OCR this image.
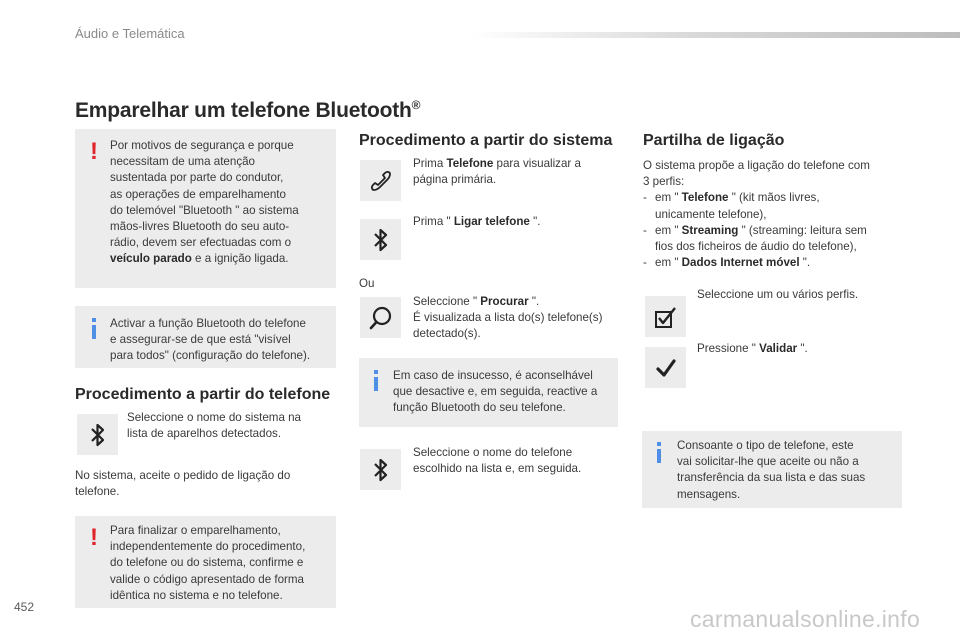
Áudio e Telemática
Emparelhar um telefone Bluetooth®
! Por motivos de segurança e porque
necessitam de uma atenção
sustentada por parte do condutor,
as operações de emparelhamento
do telemóvel "Bluetooth " ao sistema
mãos-livres Bluetooth do seu auto-
rádio, devem ser efectuadas com o
veículo parado e a ignição ligada.
Activar a função Bluetooth do telefone
e assegurar-se de que está "visível
para todos" (configuração do telefone).
Procedimento a partir do telefone
Seleccione o nome do sistema na
lista de aparelhos detectados.
No sistema, aceite o pedido de ligação do
telefone.
! Para finalizar o emparelhamento,
independentemente do procedimento,
do telefone ou do sistema, confirme e
valide o código apresentado de forma
idêntica no sistema e no telefone.
Procedimento a partir do sistema
Prima Telefone para visualizar a
página primária.
Prima " Ligar telefone ".
Ou
Seleccione " Procurar ".
É visualizada a lista do(s) telefone(s)
detectado(s).
Em caso de insucesso, é aconselhável
que desactive e, em seguida, reactive a
função Bluetooth do seu telefone.
Seleccione o nome do telefone
escolhido na lista e, em seguida.
Partilha de ligação
O sistema propõe a ligação do telefone com
3 perfis:
- em " Telefone " (kit mãos livres,
unicamente telefone),
- em " Streaming " (streaming: leitura sem
fios dos ficheiros de áudio do telefone),
- em " Dados Internet móvel ".
Seleccione um ou vários perfis.
Pressione " Validar ".
Consoante o tipo de telefone, este
vai solicitar-lhe que aceite ou não a
transferência da sua lista e das suas
mensagens.
452	carmanualsonline.info
